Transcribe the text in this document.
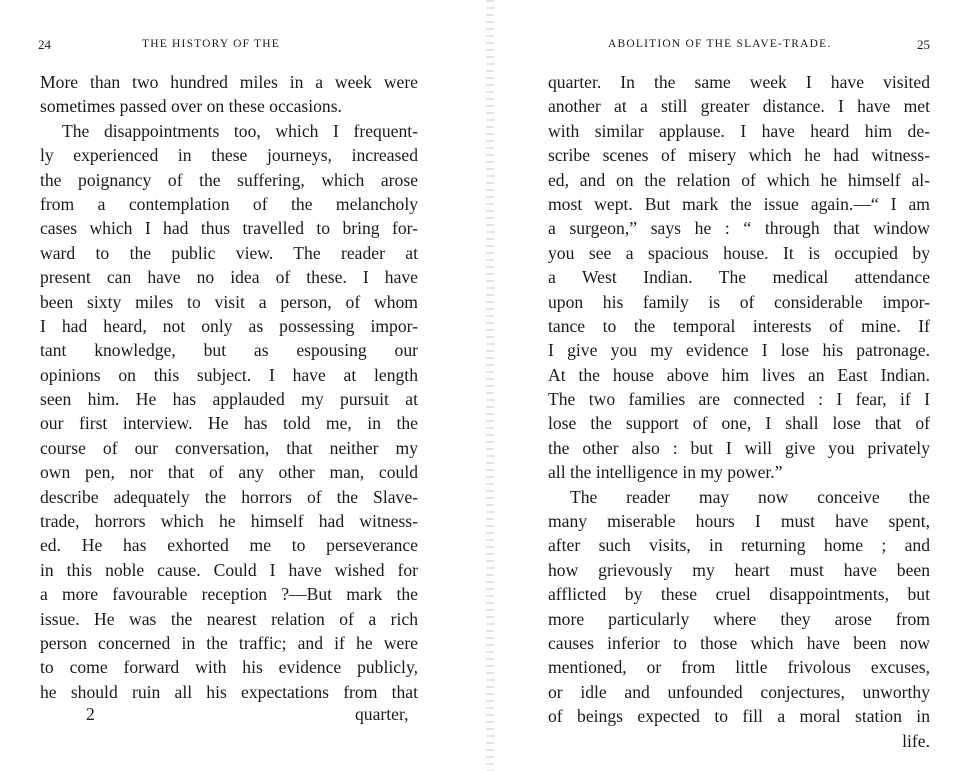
24	THE HISTORY OF THE
More than two hundred miles in a week were
sometimes passed over on these occasions.
The disappointments too, which I frequent-
ly experienced in these journeys, increased
the poignancy of the suffering, which arose
from a contemplation of the melancholy
cases which I had thus travelled to bring for-
ward to the public view. The reader at
present can have no idea of these. I have
been sixty miles to visit a person, of whom
I had heard, not only as possessing impor-
tant knowledge, but as espousing our
opinions on this subject. I have at length
seen him. He has applauded my pursuit at
our first interview. He has told me, in the
course of our conversation, that neither my
own pen, nor that of any other man, could
describe adequately the horrors of the Slave-
trade, horrors which he himself had witness-
ed. He has exhorted me to perseverance
in this noble cause. Could I have wished for
a more favourable reception ?—But mark the
issue. He was the nearest relation of a rich
person concerned in the traffic; and if he were
to come forward with his evidence publicly,
he should ruin all his expectations from that
2	quarter,
ABOLITION OF THE SLAVE-TRADE.	25
quarter. In the same week I have visited
another at a still greater distance. I have met
with similar applause. I have heard him de-
scribe scenes of misery which he had witness-
ed, and on the relation of which he himself al-
most wept. But mark the issue again.—“ I am
a surgeon,” says he : “ through that window
you see a spacious house. It is occupied by
a West Indian. The medical attendance
upon his family is of considerable impor-
tance to the temporal interests of mine. If
I give you my evidence I lose his patronage.
At the house above him lives an East Indian.
The two families are connected : I fear, if I
lose the support of one, I shall lose that of
the other also : but I will give you privately
all the intelligence in my power.”
The reader may now conceive the
many miserable hours I must have spent,
after such visits, in returning home ; and
how grievously my heart must have been
afflicted by these cruel disappointments, but
more particularly where they arose from
causes inferior to those which have been now
mentioned, or from little frivolous excuses,
or idle and unfounded conjectures, unworthy
of beings expected to fill a moral station in
life.
